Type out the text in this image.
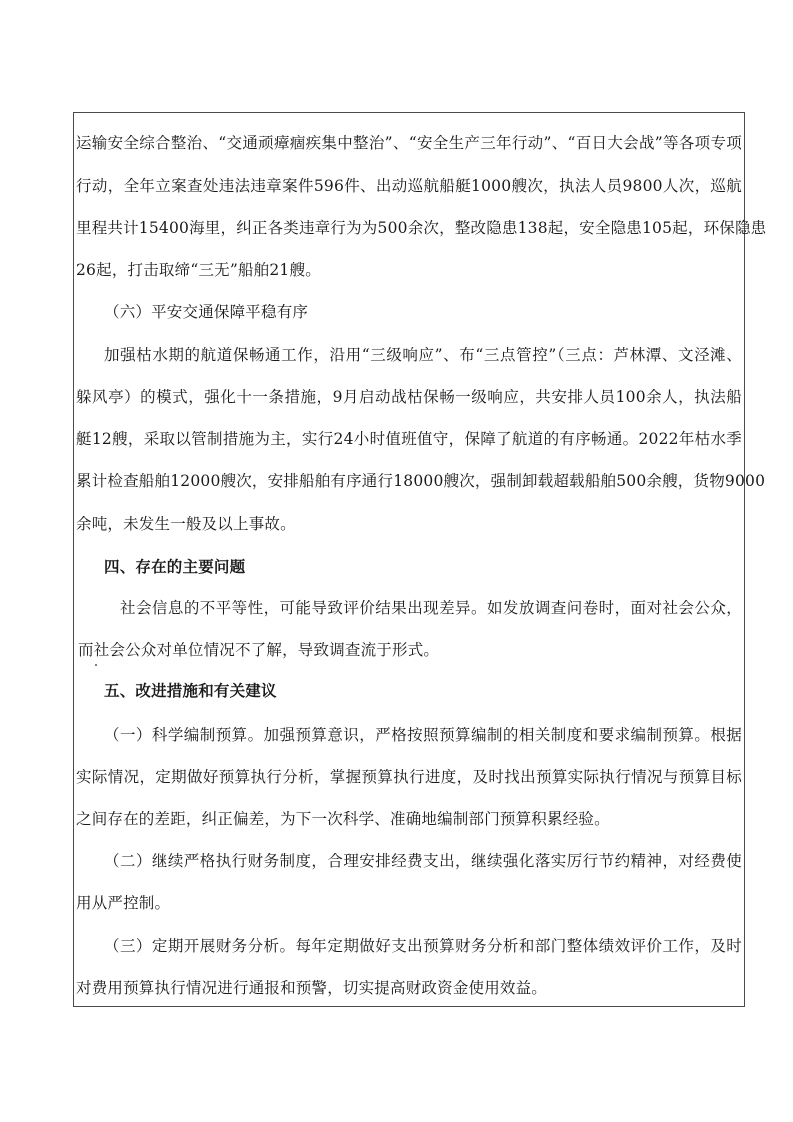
运输安全综合整治、“交通顽瘴痼疾集中整治”、“安全生产三年行动”、“百日大会战”等各项专项
行动，全年立案查处违法违章案件596件、出动巡航船艇1000艘次，执法人员9800人次，巡航
里程共计15400海里，纠正各类违章行为为500余次，整改隐患138起，安全隐患105起，环保隐患
26起，打击取缔“三无”船舶21艘。
（六）平安交通保障平稳有序
加强枯水期的航道保畅通工作，沿用“三级响应”、布“三点管控”（三点：芦林潭、文泾滩、
躲风亭）的模式，强化十一条措施，9月启动战枯保畅一级响应，共安排人员100余人，执法船
艇12艘，采取以管制措施为主，实行24小时值班值守，保障了航道的有序畅通。2022年枯水季
累计检查船舶12000艘次，安排船舶有序通行18000艘次，强制卸载超载船舶500余艘，货物9000
余吨，未发生一般及以上事故。
四、存在的主要问题
社会信息的不平等性，可能导致评价结果出现差异。如发放调查问卷时，面对社会公众，
而社会公众对单位情况不了解，导致调查流于形式。
五、改进措施和有关建议
（一）科学编制预算。加强预算意识，严格按照预算编制的相关制度和要求编制预算。根据
实际情况，定期做好预算执行分析，掌握预算执行进度，及时找出预算实际执行情况与预算目标
之间存在的差距，纠正偏差，为下一次科学、准确地编制部门预算积累经验。
（二）继续严格执行财务制度，合理安排经费支出，继续强化落实厉行节约精神，对经费使
用从严控制。
（三）定期开展财务分析。每年定期做好支出预算财务分析和部门整体绩效评价工作，及时
对费用预算执行情况进行通报和预警，切实提高财政资金使用效益。
